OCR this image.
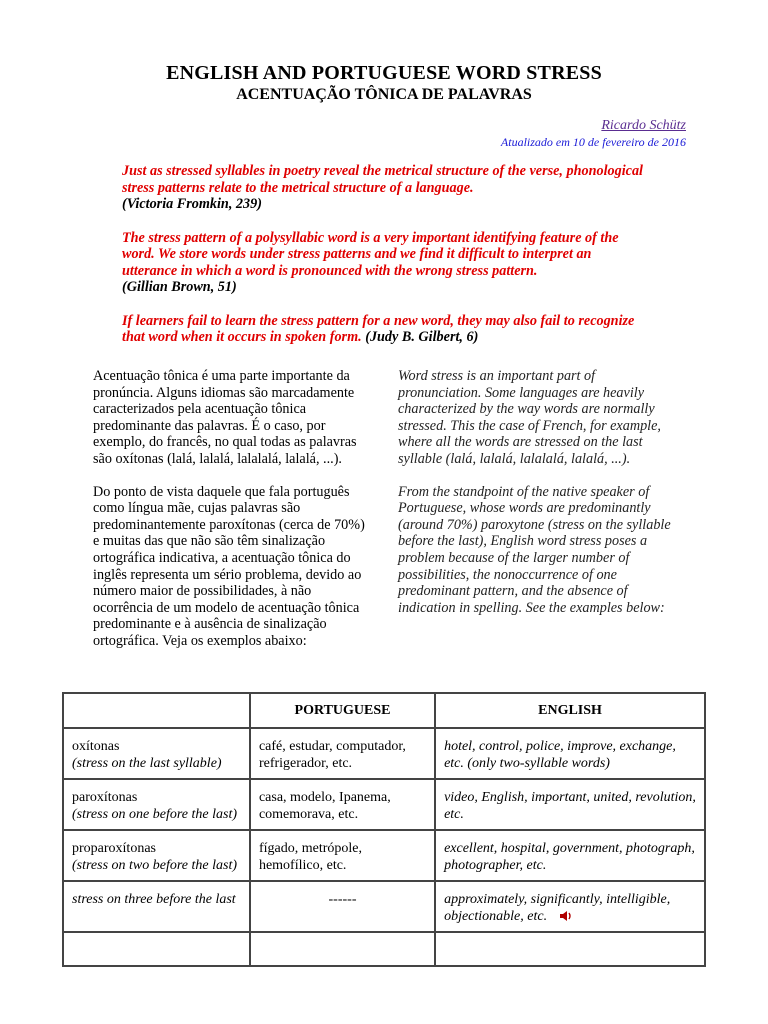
ENGLISH AND PORTUGUESE WORD STRESS
ACENTUAÇÃO TÔNICA DE PALAVRAS
Ricardo Schütz
Atualizado em 10 de fevereiro de 2016

Just as stressed syllables in poetry reveal the metrical structure of the verse, phonological stress patterns relate to the metrical structure of a language.
(Victoria Fromkin, 239)

The stress pattern of a polysyllabic word is a very important identifying feature of the word. We store words under stress patterns and we find it difficult to interpret an utterance in which a word is pronounced with the wrong stress pattern.
(Gillian Brown, 51)

If learners fail to learn the stress pattern for a new word, they may also fail to recognize that word when it occurs in spoken form. (Judy B. Gilbert, 6)

Acentuação tônica é uma parte importante da pronúncia. Alguns idiomas são marcadamente caracterizados pela acentuação tônica predominante das palavras. É o caso, por exemplo, do francês, no qual todas as palavras são oxítonas (lalá, lalalá, lalalalá, lalalá, ...).

Do ponto de vista daquele que fala português como língua mãe, cujas palavras são predominantemente paroxítonas (cerca de 70%) e muitas das que não são têm sinalização ortográfica indicativa, a acentuação tônica do inglês representa um sério problema, devido ao número maior de possibilidades, à não ocorrência de um modelo de acentuação tônica predominante e à ausência de sinalização ortográfica. Veja os exemplos abaixo:

Word stress is an important part of pronunciation. Some languages are heavily characterized by the way words are normally stressed. This the case of French, for example, where all the words are stressed on the last syllable (lalá, lalalá, lalalalá, lalalá, ...).

From the standpoint of the native speaker of Portuguese, whose words are predominantly (around 70%) paroxytone (stress on the syllable before the last), English word stress poses a problem because of the larger number of possibilities, the nonoccurrence of one predominant pattern, and the absence of indication in spelling. See the examples below:

	PORTUGUESE	ENGLISH
oxítonas
(stress on the last syllable)	café, estudar, computador, refrigerador, etc.	hotel, control, police, improve, exchange, etc. (only two-syllable words)
paroxítonas
(stress on one before the last)	casa, modelo, Ipanema, comemorava, etc.	video, English, important, united, revolution, etc.
proparoxítonas
(stress on two before the last)	fígado, metrópole, hemofílico, etc.	excellent, hospital, government, photograph, photographer, etc.
stress on three before the last	------	approximately, significantly, intelligible, objectionable, etc.
